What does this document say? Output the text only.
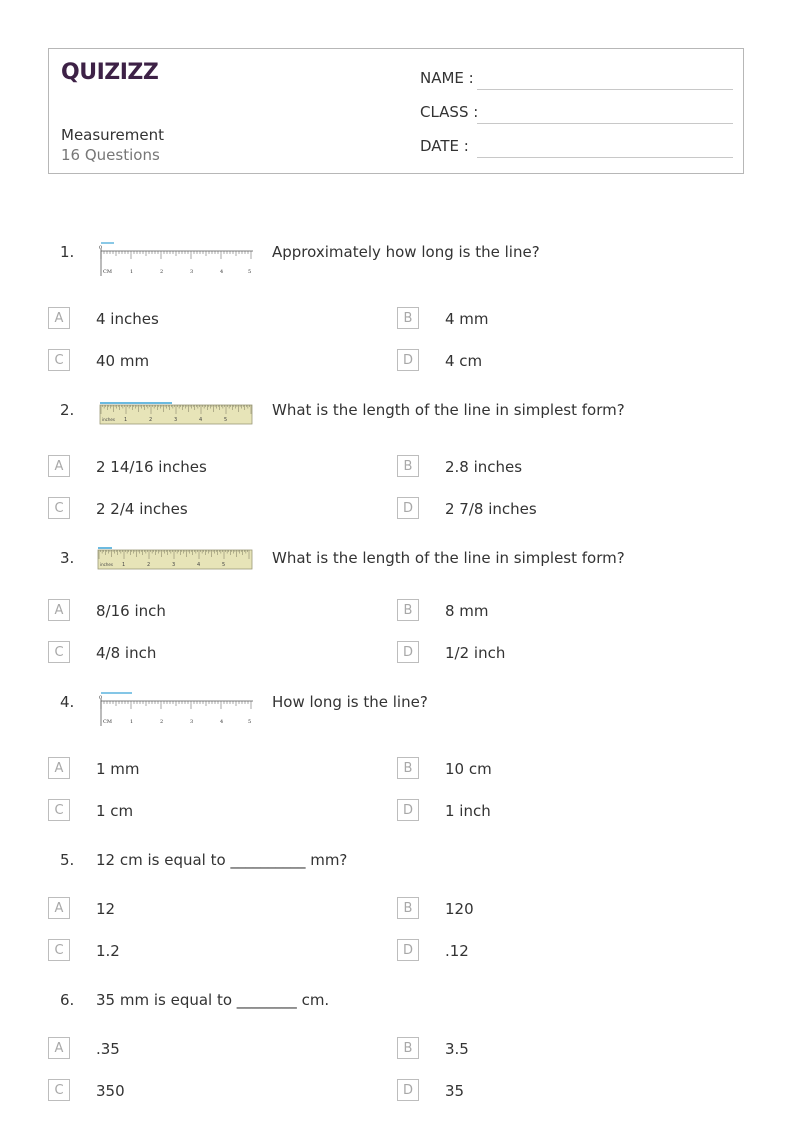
QUIZIZZ
Measurement
16 Questions
NAME :
CLASS :
DATE :
1.	0
CM	1	2	3	4	5
Approximately how long is the line?
A	4 inches	B	4 mm
C	40 mm	D	4 cm
2.
inches 1	2	3	4	5
What is the length of the line in simplest form?
A	2 14/16 inches	B	2.8 inches
C	2 2/4 inches	D	2 7/8 inches
3.	inches 1	2	3	4	5	What is the length of the line in simplest form?
A	8/16 inch	B	8 mm
C	4/8 inch	D	1/2 inch
4.	0
CM	1	2	3	4	5
How long is the line?
A	1 mm	B	10 cm
C	1 cm	D	1 inch
5. 12 cm is equal to __________ mm?
A	12	B	120
C	1.2	D	.12
6. 35 mm is equal to ________ cm.
A	.35	B	3.5
C	350	D	35
